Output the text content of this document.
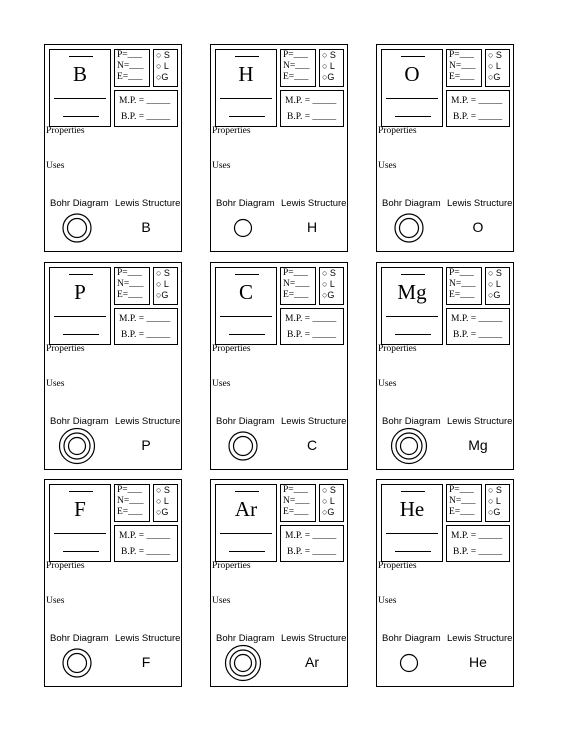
B
P=___
N=___
E=___
○ S
○ L
○G
M.P. = _____
B.P. = _____
Properties
Uses
Bohr Diagram Lewis Structure
B
H
P=___
N=___
E=___
○ S
○ L
○G
M.P. = _____
B.P. = _____
Properties
Uses
Bohr Diagram Lewis Structure
H
O
P=___
N=___
E=___
○ S
○ L
○G
M.P. = _____
B.P. = _____
Properties
Uses
Bohr Diagram Lewis Structure
O
P
P=___
N=___
E=___
○ S
○ L
○G
M.P. = _____
B.P. = _____
Properties
Uses
Bohr Diagram Lewis Structure
P
C
P=___
N=___
E=___
○ S
○ L
○G
M.P. = _____
B.P. = _____
Properties
Uses
Bohr Diagram Lewis Structure
C
Mg
P=___
N=___
E=___
○ S
○ L
○G
M.P. = _____
B.P. = _____
Properties
Uses
Bohr Diagram Lewis Structure
Mg
F
P=___
N=___
E=___
○ S
○ L
○G
M.P. = _____
B.P. = _____
Properties
Uses
Bohr Diagram Lewis Structure
F
Ar
P=___
N=___
E=___
○ S
○ L
○G
M.P. = _____
B.P. = _____
Properties
Uses
Bohr Diagram Lewis Structure
Ar
He
P=___
N=___
E=___
○ S
○ L
○G
M.P. = _____
B.P. = _____
Properties
Uses
Bohr Diagram Lewis Structure
He
